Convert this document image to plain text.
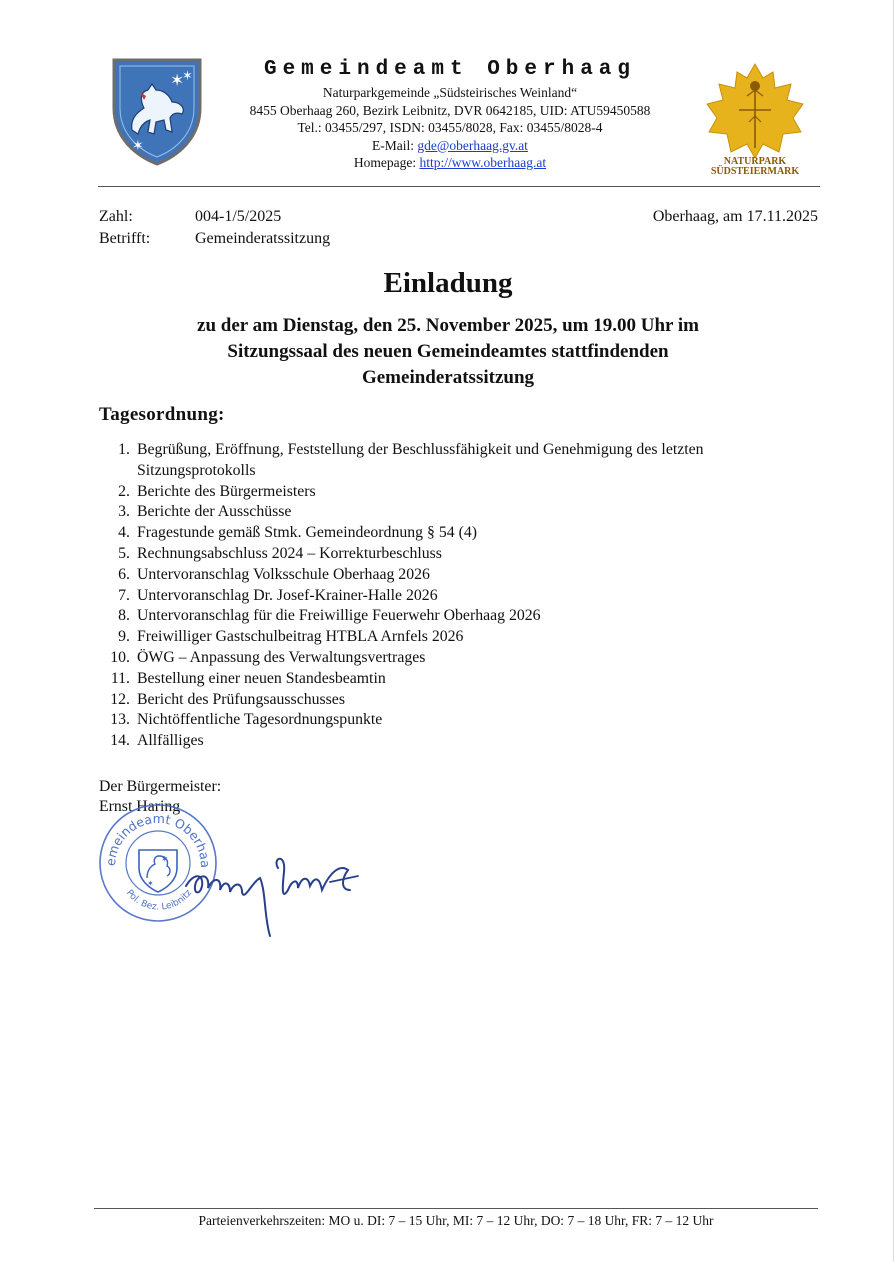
✶
✶
✶
Gemeindeamt Oberhaag
Naturparkgemeinde „Südsteirisches Weinland“
8455 Oberhaag 260, Bezirk Leibnitz, DVR 0642185, UID: ATU59450588
Tel.: 03455/297, ISDN: 03455/8028, Fax: 03455/8028-4
E-Mail: gde@oberhaag.gv.at
Homepage: http://www.oberhaag.at	NATURPARK
SÜDSTEIERMARK
Zahl:	004-1/5/2025
Betrifft:	Gemeinderatssitzung
Oberhaag, am 17.11.2025
Einladung
zu der am Dienstag, den 25. November 2025, um 19.00 Uhr im
Sitzungssaal des neuen Gemeindeamtes stattfindenden
Gemeinderatssitzung
Tagesordnung:
1. Begrüßung, Eröffnung, Feststellung der Beschlussfähigkeit und Genehmigung des letzten Sitzungsprotokolls
2. Berichte des Bürgermeisters
3. Berichte der Ausschüsse
4. Fragestunde gemäß Stmk. Gemeindeordnung § 54 (4)
5. Rechnungsabschluss 2024 – Korrekturbeschluss
6. Untervoranschlag Volksschule Oberhaag 2026
7. Untervoranschlag Dr. Josef-Krainer-Halle 2026
8. Untervoranschlag für die Freiwillige Feuerwehr Oberhaag 2026
9. Freiwilliger Gastschulbeitrag HTBLA Arnfels 2026
10. ÖWG – Anpassung des Verwaltungsvertrages
11. Bestellung einer neuen Standesbeamtin
12. Bericht des Prüfungsausschusses
13. Nichtöffentliche Tagesordnungspunkte
14. Allfälliges
Der Bürgermeister:
Ernst Haring
emeindeamt Oberhaa
Pol. Bez. Leibnitz
✶
✶
Parteienverkehrszeiten: MO u. DI: 7 – 15 Uhr, MI: 7 – 12 Uhr, DO: 7 – 18 Uhr, FR: 7 – 12 Uhr
